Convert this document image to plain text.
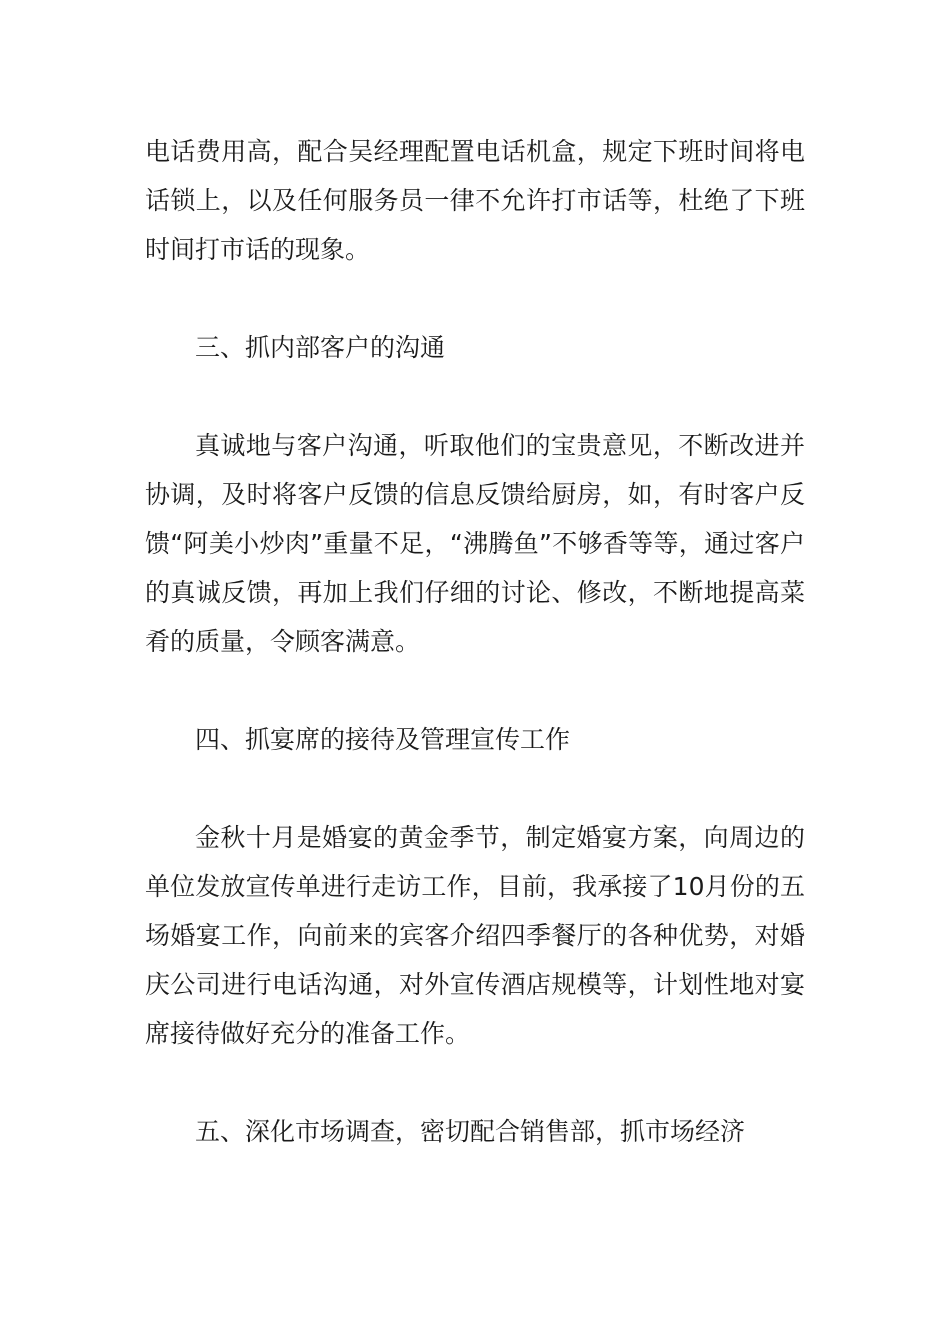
电话费用高，配合吴经理配置电话机盒，规定下班时间将电话锁上，以及任何服务员一律不允许打市话等，杜绝了下班时间打市话的现象。

三、抓内部客户的沟通

真诚地与客户沟通，听取他们的宝贵意见，不断改进并协调，及时将客户反馈的信息反馈给厨房，如，有时客户反馈“阿美小炒肉”重量不足，“沸腾鱼”不够香等等，通过客户的真诚反馈，再加上我们仔细的讨论、修改，不断地提高菜肴的质量，令顾客满意。

四、抓宴席的接待及管理宣传工作

金秋十月是婚宴的黄金季节，制定婚宴方案，向周边的单位发放宣传单进行走访工作，目前，我承接了10月份的五场婚宴工作，向前来的宾客介绍四季餐厅的各种优势，对婚庆公司进行电话沟通，对外宣传酒店规模等，计划性地对宴席接待做好充分的准备工作。

五、深化市场调查，密切配合销售部，抓市场经济
